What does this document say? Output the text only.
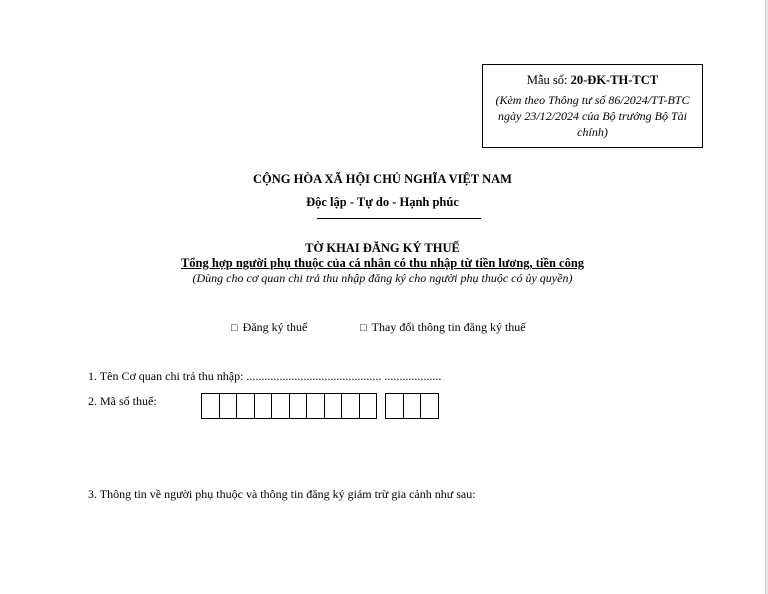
Mẫu số: 20-ĐK-TH-TCT
(Kèm theo Thông tư số 86/2024/TT-BTC ngày 23/12/2024 của Bộ trưởng Bộ Tài chính)
CỘNG HÒA XÃ HỘI CHỦ NGHĨA VIỆT NAM
Độc lập - Tự do - Hạnh phúc
TỜ KHAI ĐĂNG KÝ THUẾ
Tổng hợp người phụ thuộc của cá nhân có thu nhập từ tiền lương, tiền công
(Dùng cho cơ quan chi trả thu nhập đăng ký cho người phụ thuộc có ủy quyền)
□ Đăng ký thuế	□ Thay đổi thông tin đăng ký thuế
1. Tên Cơ quan chi trả thu nhập: ............................................. ...................
2. Mã số thuế:
3. Thông tin về người phụ thuộc và thông tin đăng ký giảm trừ gia cảnh như sau:
